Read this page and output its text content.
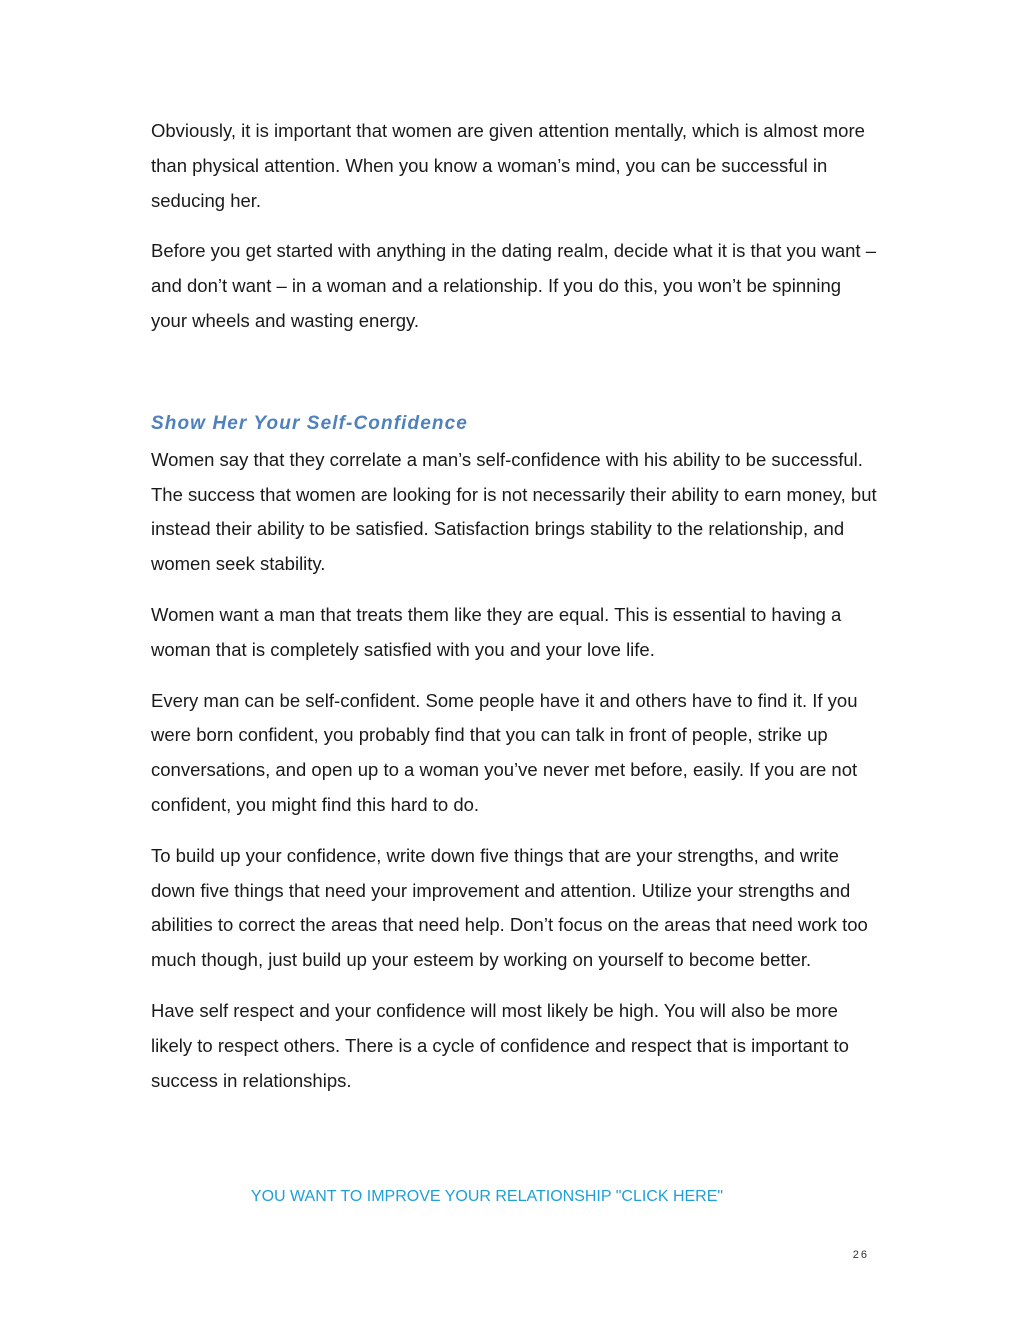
Obviously, it is important that women are given attention mentally, which is almost more than physical attention. When you know a woman’s mind, you can be successful in seducing her.

Before you get started with anything in the dating realm, decide what it is that you want – and don’t want – in a woman and a relationship. If you do this, you won’t be spinning your wheels and wasting energy.

Show Her Your Self-Confidence

Women say that they correlate a man’s self-confidence with his ability to be successful. The success that women are looking for is not necessarily their ability to earn money, but instead their ability to be satisfied. Satisfaction brings stability to the relationship, and women seek stability.

Women want a man that treats them like they are equal. This is essential to having a woman that is completely satisfied with you and your love life.

Every man can be self-confident. Some people have it and others have to find it. If you were born confident, you probably find that you can talk in front of people, strike up conversations, and open up to a woman you’ve never met before, easily. If you are not confident, you might find this hard to do.

To build up your confidence, write down five things that are your strengths, and write down five things that need your improvement and attention. Utilize your strengths and abilities to correct the areas that need help. Don’t focus on the areas that need work too much though, just build up your esteem by working on yourself to become better.

Have self respect and your confidence will most likely be high. You will also be more likely to respect others. There is a cycle of confidence and respect that is important to success in relationships.

YOU WANT TO IMPROVE YOUR RELATIONSHIP "CLICK HERE"
26
